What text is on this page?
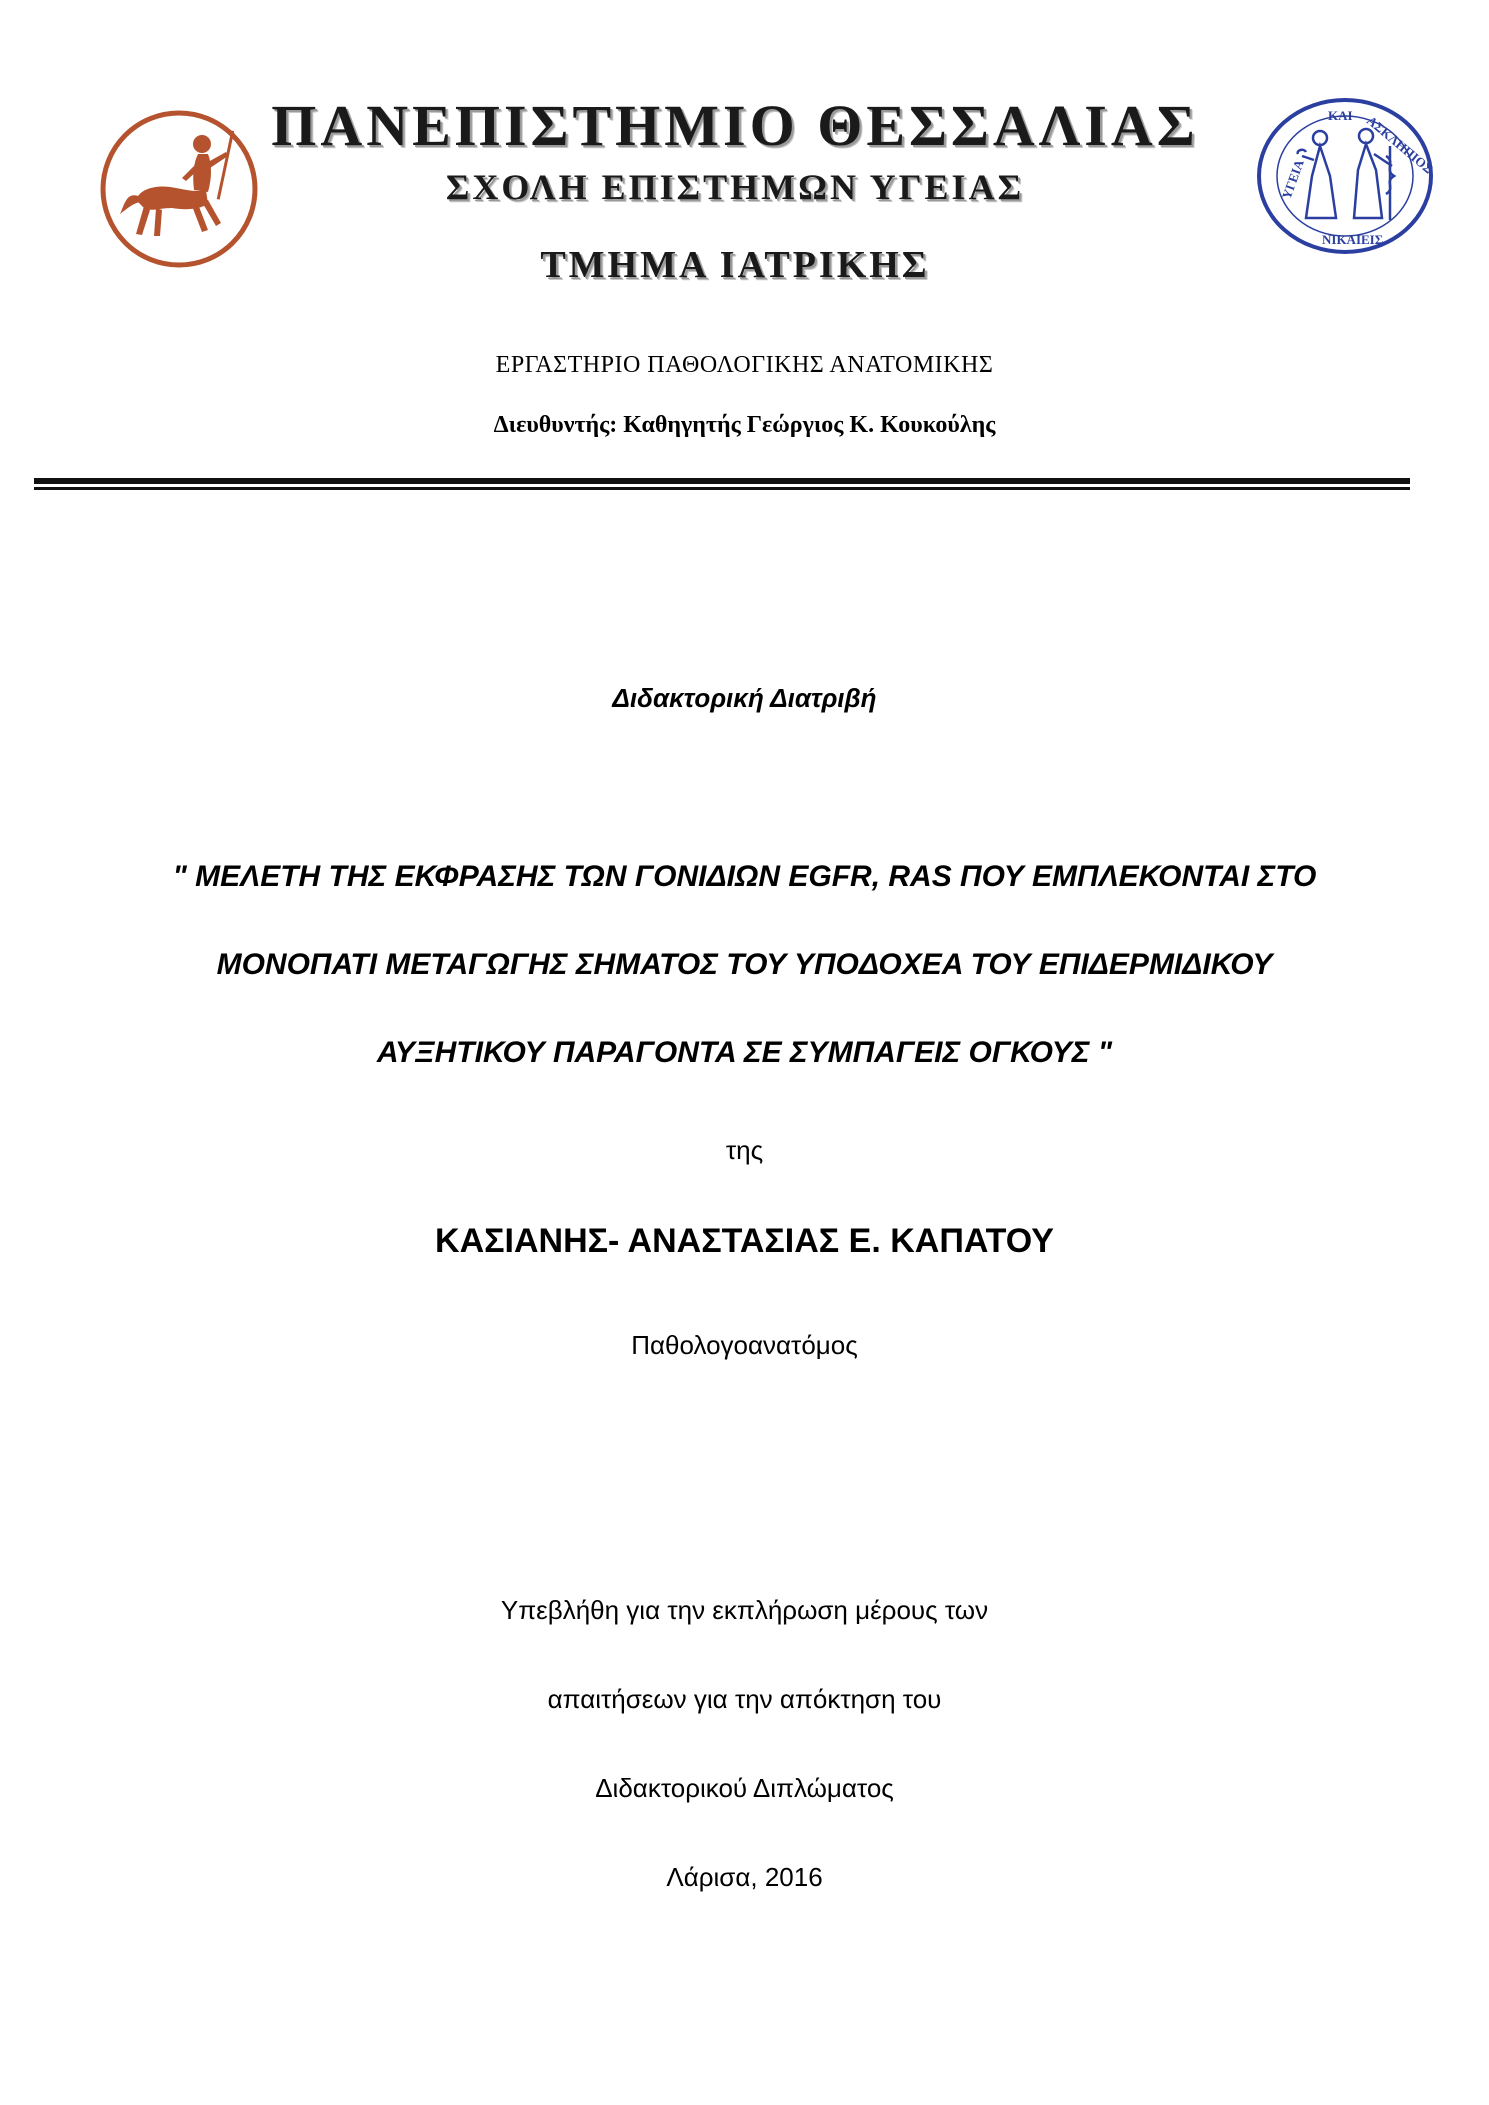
ΥΓΕΙΑ
ΚΑΙ ΑΣΚΛΗΠΙΟΣ
ΝΙΚΑΙΕΙΣ
ΠΑΝΕΠΙΣΤΗΜΙΟ ΘΕΣΣΑΛΙΑΣ
ΣΧΟΛΗ ΕΠΙΣΤΗΜΩΝ ΥΓΕΙΑΣ
ΤΜΗΜΑ ΙΑΤΡΙΚΗΣ
ΕΡΓΑΣΤΗΡΙΟ ΠΑΘΟΛΟΓΙΚΗΣ ΑΝΑΤΟΜΙΚΗΣ
Διευθυντής: Καθηγητής Γεώργιος Κ. Κουκούλης
Διδακτορική Διατριβή
" ΜΕΛΕΤΗ ΤΗΣ ΕΚΦΡΑΣΗΣ ΤΩΝ ΓΟΝΙΔΙΩΝ EGFR, RAS ΠΟΥ ΕΜΠΛΕΚΟΝΤΑΙ ΣΤΟ
ΜΟΝΟΠΑΤΙ ΜΕΤΑΓΩΓΗΣ ΣΗΜΑΤΟΣ ΤΟΥ ΥΠΟΔΟΧΕΑ ΤΟΥ ΕΠΙΔΕΡΜΙΔΙΚΟΥ
ΑΥΞΗΤΙΚΟΥ ΠΑΡΑΓΟΝΤΑ ΣΕ ΣΥΜΠΑΓΕΙΣ ΟΓΚΟΥΣ "
της
ΚΑΣΙΑΝΗΣ- ΑΝΑΣΤΑΣΙΑΣ Ε. ΚΑΠΑΤΟΥ
Παθολογοανατόμος
Υπεβλήθη για την εκπλήρωση μέρους των
απαιτήσεων για την απόκτηση του
Διδακτορικού Διπλώματος
Λάρισα, 2016
